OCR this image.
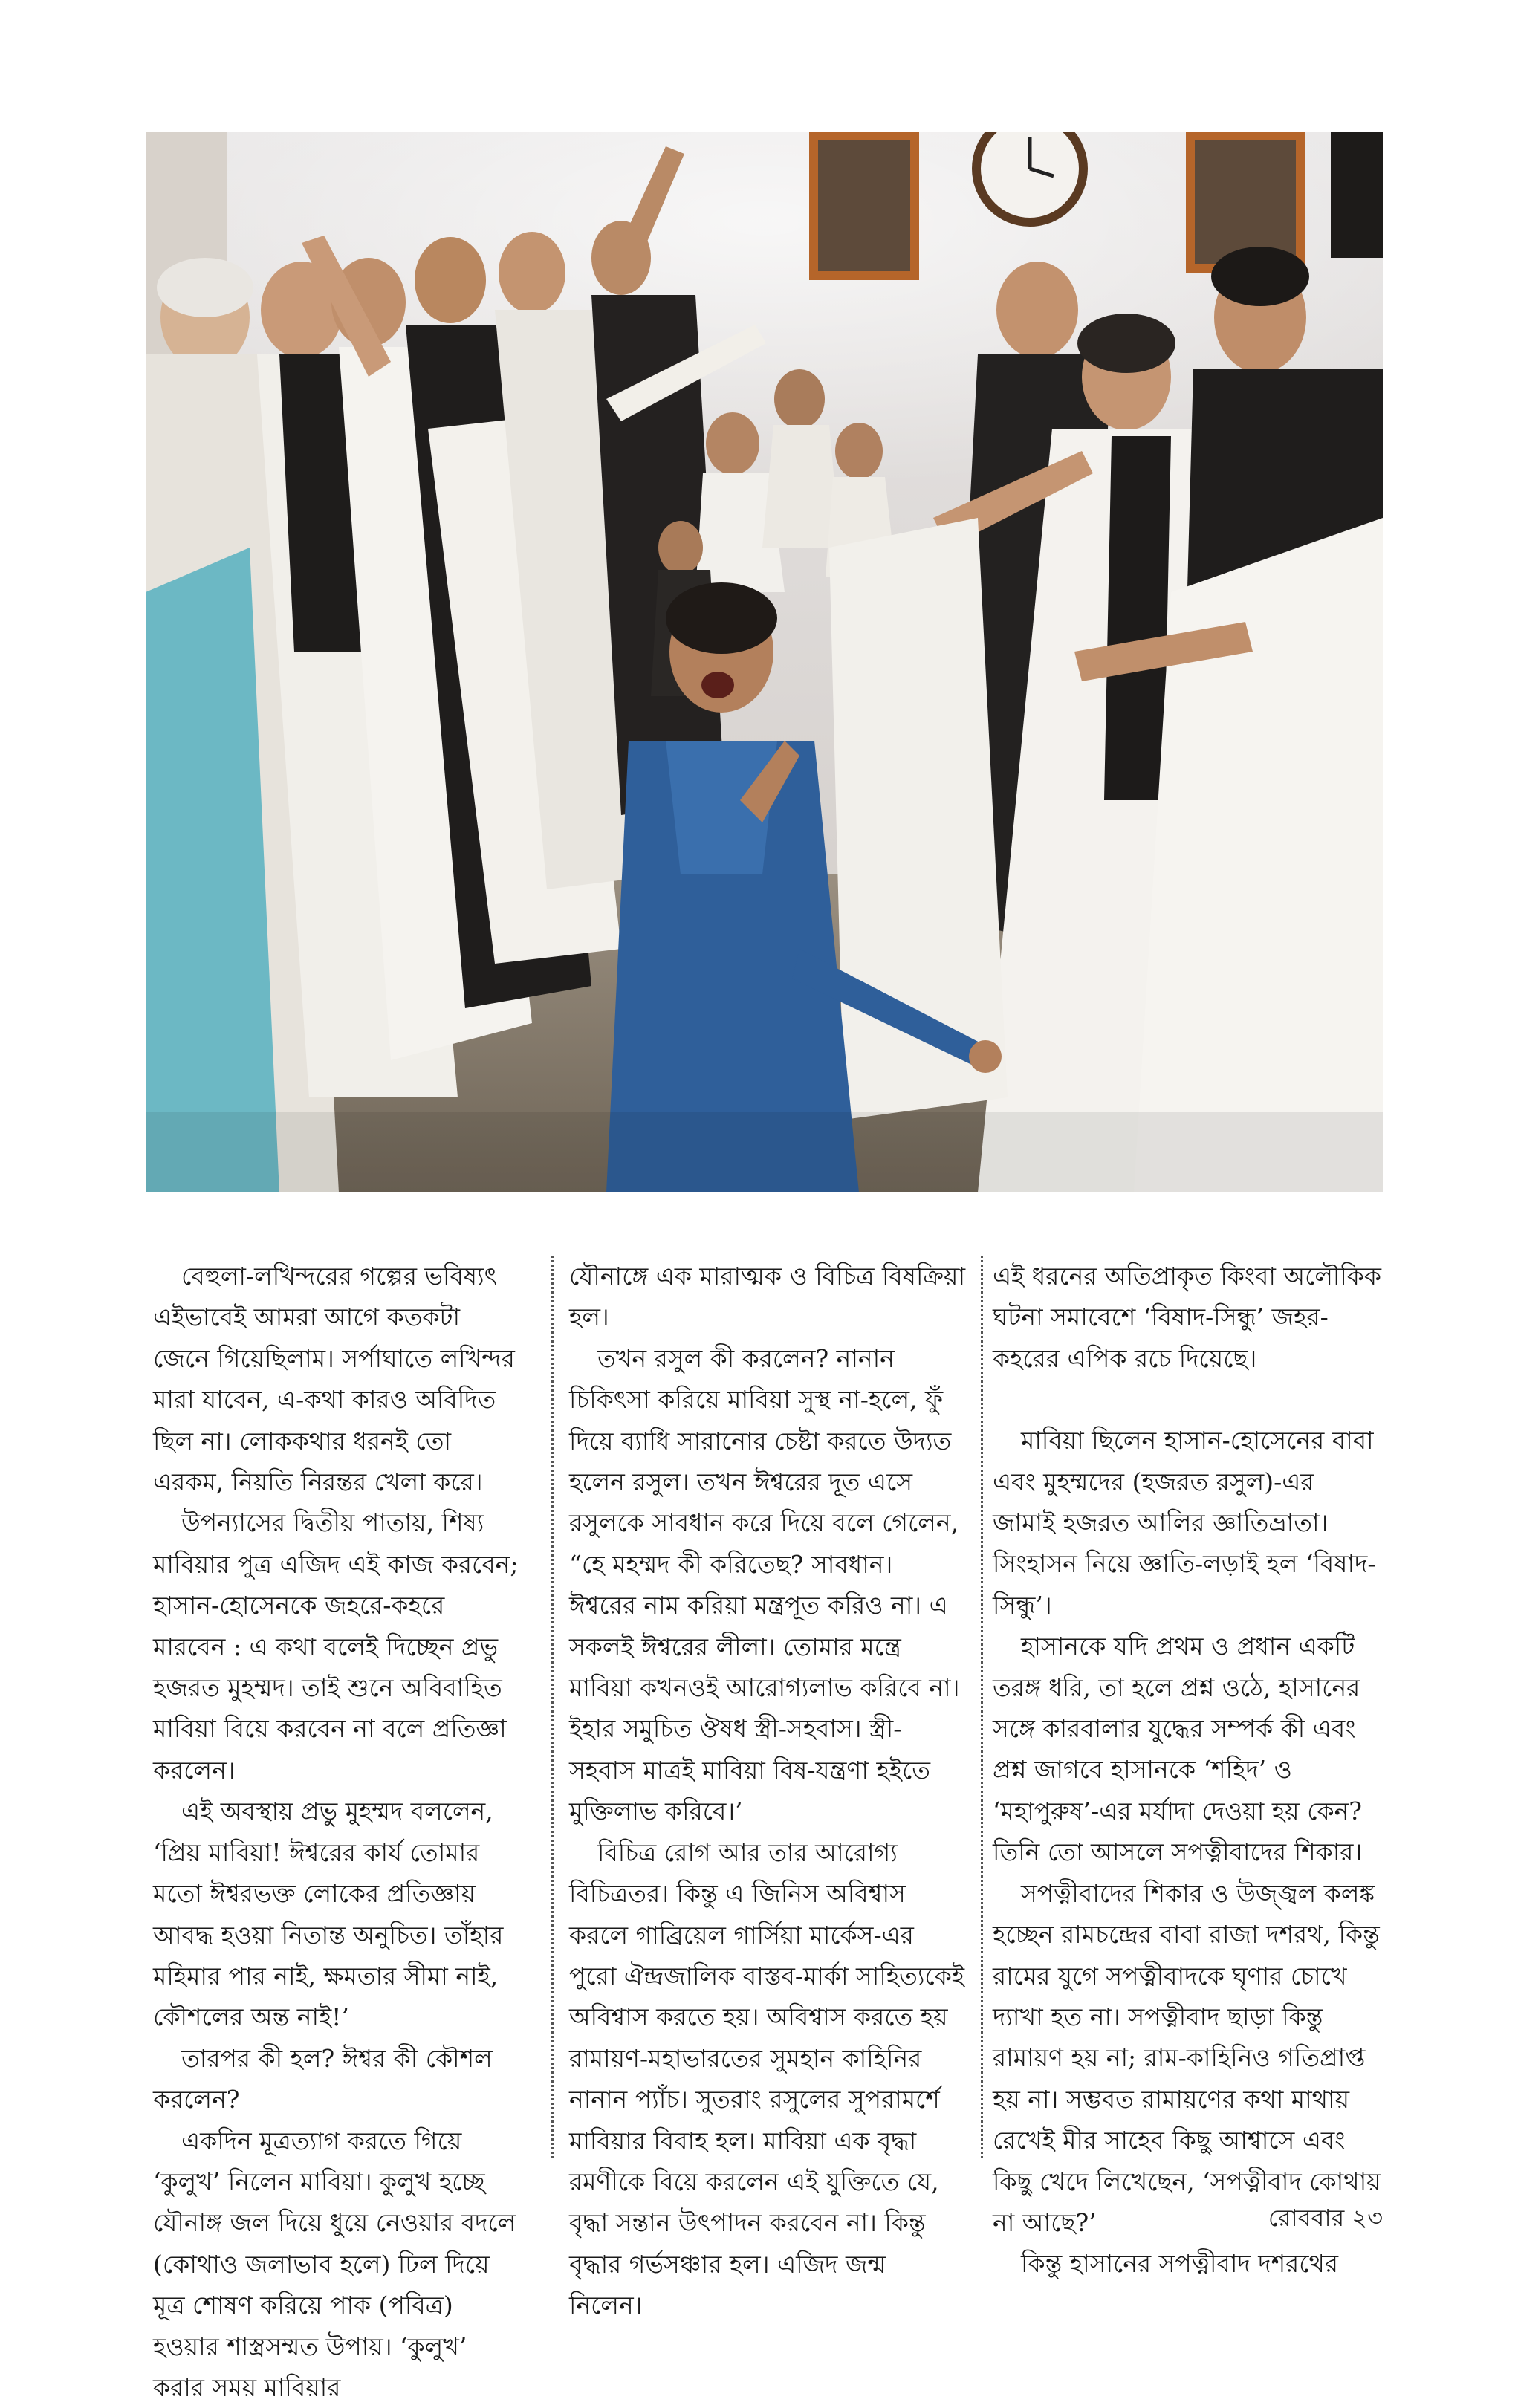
বেহুলা-লখিন্দরের গল্পের ভবিষ্যৎ এইভাবেই আমরা আগে কতকটা জেনে গিয়েছিলাম। সর্পাঘাতে লখিন্দর মারা যাবেন, এ-কথা কারও অবিদিত ছিল না। লোককথার ধরনই তো এরকম, নিয়তি নিরন্তর খেলা করে।

উপন্যাসের দ্বিতীয় পাতায়, শিষ্য মাবিয়ার পুত্র এজিদ এই কাজ করবেন; হাসান-হোসেনকে জহরে-কহরে মারবেন : এ কথা বলেই দিচ্ছেন প্রভু হজরত মুহম্মদ। তাই শুনে অবিবাহিত মাবিয়া বিয়ে করবেন না বলে প্রতিজ্ঞা করলেন।

এই অবস্থায় প্রভু মুহম্মদ বললেন, ‘প্রিয় মাবিয়া! ঈশ্বরের কার্য তোমার মতো ঈশ্বরভক্ত লোকের প্রতিজ্ঞায় আবদ্ধ হওয়া নিতান্ত অনুচিত। তাঁহার মহিমার পার নাই, ক্ষমতার সীমা নাই, কৌশলের অন্ত নাই!’

তারপর কী হল? ঈশ্বর কী কৌশল করলেন?

একদিন মূত্রত্যাগ করতে গিয়ে ‘কুলুখ’ নিলেন মাবিয়া। কুলুখ হচ্ছে যৌনাঙ্গ জল দিয়ে ধুয়ে নেওয়ার বদলে (কোথাও জলাভাব হলে) ঢিল দিয়ে মূত্র শোষণ করিয়ে পাক (পবিত্র) হওয়ার শাস্ত্রসম্মত উপায়। ‘কুলুখ’ করার সময় মাবিয়ার

যৌনাঙ্গে এক মারাত্মক ও বিচিত্র বিষক্রিয়া হল।

তখন রসুল কী করলেন? নানান চিকিৎসা করিয়ে মাবিয়া সুস্থ না-হলে, ফুঁ দিয়ে ব্যাধি সারানোর চেষ্টা করতে উদ্যত হলেন রসুল। তখন ঈশ্বরের দূত এসে রসুলকে সাবধান করে দিয়ে বলে গেলেন, “হে মহম্মদ কী করিতেছ? সাবধান। ঈশ্বরের নাম করিয়া মন্ত্রপূত করিও না। এ সকলই ঈশ্বরের লীলা। তোমার মন্ত্রে মাবিয়া কখনওই আরোগ্যলাভ করিবে না। ইহার সমুচিত ঔষধ স্ত্রী-সহবাস। স্ত্রী-সহবাস মাত্রই মাবিয়া বিষ-যন্ত্রণা হইতে মুক্তিলাভ করিবে।’

বিচিত্র রোগ আর তার আরোগ্য বিচিত্রতর। কিন্তু এ জিনিস অবিশ্বাস করলে গাব্রিয়েল গার্সিয়া মার্কেস-এর পুরো ঐন্দ্রজালিক বাস্তব-মার্কা সাহিত্যকেই অবিশ্বাস করতে হয়। অবিশ্বাস করতে হয় রামায়ণ-মহাভারতের সুমহান কাহিনির নানান প্যাঁচ। সুতরাং রসুলের সুপরামর্শে মাবিয়ার বিবাহ হল। মাবিয়া এক বৃদ্ধা রমণীকে বিয়ে করলেন এই যুক্তিতে যে, বৃদ্ধা সন্তান উৎপাদন করবেন না। কিন্তু বৃদ্ধার গর্ভসঞ্চার হল। এজিদ জন্ম নিলেন।

এই ধরনের অতিপ্রাকৃত কিংবা অলৌকিক ঘটনা সমাবেশে ‘বিষাদ-সিন্ধু’ জহর-কহরের এপিক রচে দিয়েছে।

মাবিয়া ছিলেন হাসান-হোসেনের বাবা এবং মুহম্মদের (হজরত রসুল)-এর জামাই হজরত আলির জ্ঞাতিভ্রাতা। সিংহাসন নিয়ে জ্ঞাতি-লড়াই হল ‘বিষাদ-সিন্ধু’।

হাসানকে যদি প্রথম ও প্রধান একটি তরঙ্গ ধরি, তা হলে প্রশ্ন ওঠে, হাসানের সঙ্গে কারবালার যুদ্ধের সম্পর্ক কী এবং প্রশ্ন জাগবে হাসানকে ‘শহিদ’ ও ‘মহাপুরুষ’-এর মর্যাদা দেওয়া হয় কেন? তিনি তো আসলে সপত্নীবাদের শিকার।

সপত্নীবাদের শিকার ও উজ্জ্বল কলঙ্ক হচ্ছেন রামচন্দ্রের বাবা রাজা দশরথ, কিন্তু রামের যুগে সপত্নীবাদকে ঘৃণার চোখে দ্যাখা হত না। সপত্নীবাদ ছাড়া কিন্তু রামায়ণ হয় না; রাম-কাহিনিও গতিপ্রাপ্ত হয় না। সম্ভবত রামায়ণের কথা মাথায় রেখেই মীর সাহেব কিছু আশ্বাসে এবং কিছু খেদে লিখেছেন, ‘সপত্নীবাদ কোথায় না আছে?’

কিন্তু হাসানের সপত্নীবাদ দশরথের

রোববার ২৩
